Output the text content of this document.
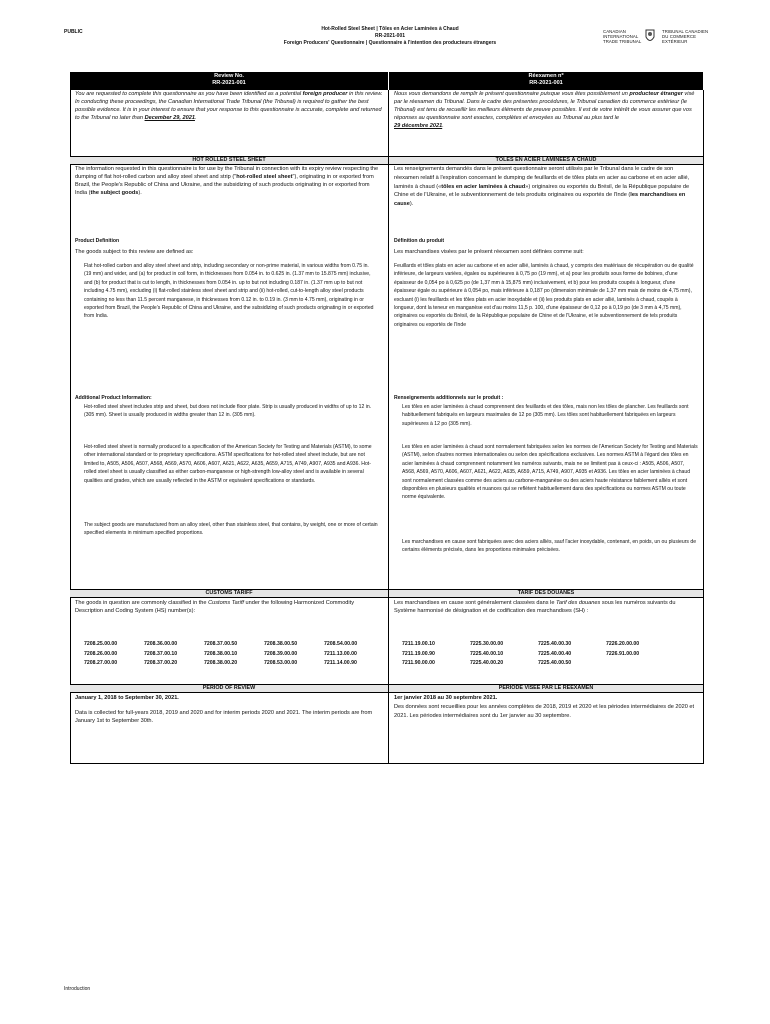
PUBLIC	Hot-Rolled Steel Sheet | Tôles en Acier Laminées à Chaud
RR-2021-001
Foreign Producers' Questionnaire | Questionnaire à l'intention des producteurs étrangers
CANADIAN
INTERNATIONAL
TRADE TRIBUNAL
TRIBUNAL CANADIEN
DU COMMERCE
EXTÉRIEUR
Review No.
RR-2021-001
Réexamen nº
RR-2021-001
You are requested to complete this questionnaire as you have been identified as a potential foreign producer in this review. In conducting these proceedings, the Canadian International Trade Tribunal (the Tribunal) is required to gather the best possible evidence. It is in your interest to ensure that your response to this questionnaire is accurate, complete and returned to the Tribunal no later than December 29, 2021.
Nous vous demandons de remplir le présent questionnaire puisque vous êtes possiblement un producteur étranger visé par le réexamen du Tribunal. Dans le cadre des présentes procédures, le Tribunal canadien du commerce extérieur (le Tribunal) est tenu de recueillir les meilleurs éléments de preuve possibles. Il est de votre intérêt de vous assurer que vos réponses au questionnaire sont exactes, complètes et envoyées au Tribunal au plus tard le
29 décembre 2021.
HOT ROLLED STEEL SHEET	TÔLES EN ACIER LAMINÉES À CHAUD
The information requested in this questionnaire is for use by the Tribunal in connection with its expiry review respecting the dumping of flat hot-rolled carbon and alloy steel sheet and strip ("hot-rolled steel sheet"), originating in or exported from Brazil, the People's Republic of China and Ukraine, and the subsidizing of such products originating in or exported from India (the subject goods).
Les renseignements demandés dans le présent questionnaire seront utilisés par le Tribunal dans le cadre de son réexamen relatif à l'expiration concernant le dumping de feuillards et de tôles plats en acier au carbone et en acier allié, laminés à chaud («tôles en acier laminées à chaud») originaires ou exportés du Brésil, de la République populaire de Chine et de l'Ukraine, et le subventionnement de tels produits originaires ou exportés de l'Inde (les marchandises en cause).
Product Definition	Définition du produit
The goods subject to this review are defined as:	Les marchandises visées par le présent réexamen sont définies comme suit:
Flat hot-rolled carbon and alloy steel sheet and strip, including secondary or non-prime material, in various widths from 0.75 in. (19 mm) and wider, and (a) for product in coil form, in thicknesses from 0.054 in. to 0.625 in. (1.37 mm to 15.875 mm) inclusive, and (b) for product that is cut to length, in thicknesses from 0.054 in. up to but not including 0.187 in. (1.37 mm up to but not including 4.75 mm), excluding (i) flat-rolled stainless steel sheet and strip and (ii) hot-rolled, cut-to-length alloy steel products containing no less than 11.5 percent manganese, in thicknesses from 0.12 in. to 0.19 in. (3 mm to 4.75 mm), originating in or exported from Brazil, the People's Republic of China and Ukraine, and the subsidizing of such products originating in or exported from India.
Feuillards et tôles plats en acier au carbone et en acier allié, laminés à chaud, y compris des matériaux de récupération ou de qualité inférieure, de largeurs variées, égales ou supérieures à 0,75 po (19 mm), et a) pour les produits sous forme de bobines, d'une épaisseur de 0,054 po à 0,625 po (de 1,37 mm à 15,875 mm) inclusivement, et b) pour les produits coupés à longueur, d'une épaisseur égale ou supérieure à 0,054 po, mais inférieure à 0,187 po (dimension minimale de 1,37 mm mais de moins de 4,75 mm), excluant (i) les feuillards et les tôles plats en acier inoxydable et (ii) les produits plats en acier allié, laminés à chaud, coupés à longueur, dont la teneur en manganèse est d'au moins 11,5 p. 100, d'une épaisseur de 0,12 po à 0,19 po (de 3 mm à 4,75 mm), originaires ou exportés du Brésil, de la République populaire de Chine et de l'Ukraine, et le subventionnement de tels produits originaires ou exportés de l'Inde
Additional Product Information:	Renseignements additionnels sur le produit :
Hot-rolled steel sheet includes strip and sheet, but does not include floor plate. Strip is usually produced in widths of up to 12 in. (305 mm). Sheet is usually produced in widths greater than 12 in. (305 mm).
Les tôles en acier laminées à chaud comprennent des feuillards et des tôles, mais non les tôles de plancher. Les feuillards sont habituellement fabriqués en largeurs maximales de 12 po (305 mm). Les tôles sont habituellement fabriquées en largeurs supérieures à 12 po (305 mm).
Hot-rolled steel sheet is normally produced to a specification of the American Society for Testing and Materials (ASTM), to some other international standard or to proprietary specifications. ASTM specifications for hot-rolled steel sheet include, but are not limited to, A505, A506, A507, A568, A569, A570, A606, A607, A621, A622, A635, A659, A715, A749, A907, A935 and A936. Hot-rolled steel sheet is usually classified as either carbon-manganese or high-strength low-alloy steel and is available in several qualities and grades, which are usually reflected in the ASTM or equivalent specifications or standards.
Les tôles en acier laminées à chaud sont normalement fabriquées selon les normes de l'American Society for Testing and Materials (ASTM), selon d'autres normes internationales ou selon des spécifications exclusives. Les normes ASTM à l'égard des tôles en acier laminées à chaud comprennent notamment les numéros suivants, mais ne se limitent pas à ceux-ci : A505, A506, A507, A568, A569, A570, A606, A607, A621, A622, A635, A659, A715, A749, A907, A935 et A936. Les tôles en acier laminées à chaud sont normalement classées comme des aciers au carbone-manganèse ou des aciers haute résistance faiblement alliés et sont disponibles en plusieurs qualités et nuances qui se reflètent habituellement dans des spécifications ou normes ASTM ou toute norme équivalente.
The subject goods are manufactured from an alloy steel, other than stainless steel, that contains, by weight, one or more of certain specified elements in minimum specified proportions.
Les marchandises en cause sont fabriquées avec des aciers alliés, sauf l'acier inoxydable, contenant, en poids, un ou plusieurs de certains éléments précisés, dans les proportions minimales précisées.
CUSTOMS TARIFF	TARIF DES DOUANES
The goods in question are commonly classified in the Customs Tariff under the following Harmonized Commodity Description and Coding System (HS) number(s):
Les marchandises en cause sont généralement classées dans le Tarif des douanes sous les numéros suivants du Système harmonisé de désignation et de codification des marchandises (SH) :
7208.25.00.00	7208.36.00.00	7208.37.00.50	7208.38.00.50	7208.54.00.00
7208.26.00.00	7208.37.00.10	7208.38.00.10	7208.39.00.00	7211.13.00.00
7208.27.00.00	7208.37.00.20	7208.38.00.20	7208.53.00.00	7211.14.00.90
7211.19.00.10	7225.30.00.00	7225.40.00.30	7226.20.00.00
7211.19.00.90	7225.40.00.10	7225.40.00.40	7226.91.00.00
7211.90.00.00	7225.40.00.20	7225.40.00.50
PERIOD OF REVIEW	PÉRIODE VISÉE PAR LE RÉEXAMEN
January 1, 2018 to September 30, 2021.	1er janvier 2018 au 30 septembre 2021.
Data is collected for full-years 2018, 2019 and 2020 and for interim periods 2020 and 2021. The interim periods are from January 1st to September 30th.
Des données sont recueillies pour les années complètes de 2018, 2019 et 2020 et les périodes intermédiaires de 2020 et 2021. Les périodes intermédiaires sont du 1er janvier au 30 septembre.
Introduction
